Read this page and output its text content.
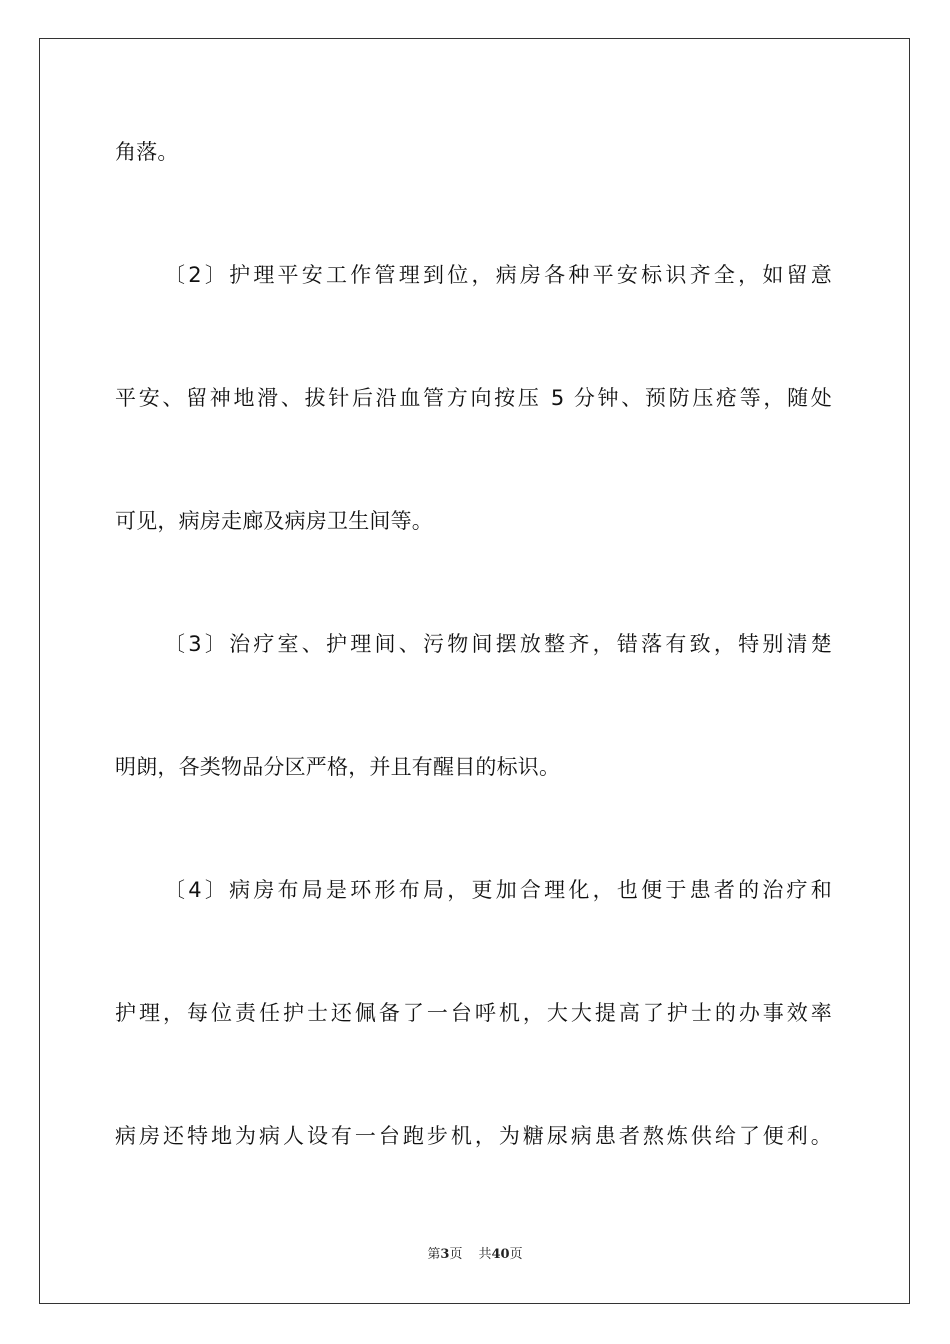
角落。
〔2〕护理平安工作管理到位，病房各种平安标识齐全，如留意
平安、留神地滑、拔针后沿血管方向按压 5 分钟、预防压疮等，随处
可见，病房走廊及病房卫生间等。
〔3〕治疗室、护理间、污物间摆放整齐，错落有致，特别清楚
明朗，各类物品分区严格，并且有醒目的标识。
〔4〕病房布局是环形布局，更加合理化，也便于患者的治疗和
护理，每位责任护士还佩备了一台呼机，大大提高了护士的办事效率
病房还特地为病人设有一台跑步机，为糖尿病患者熬炼供给了便利。
第3页 共40页
